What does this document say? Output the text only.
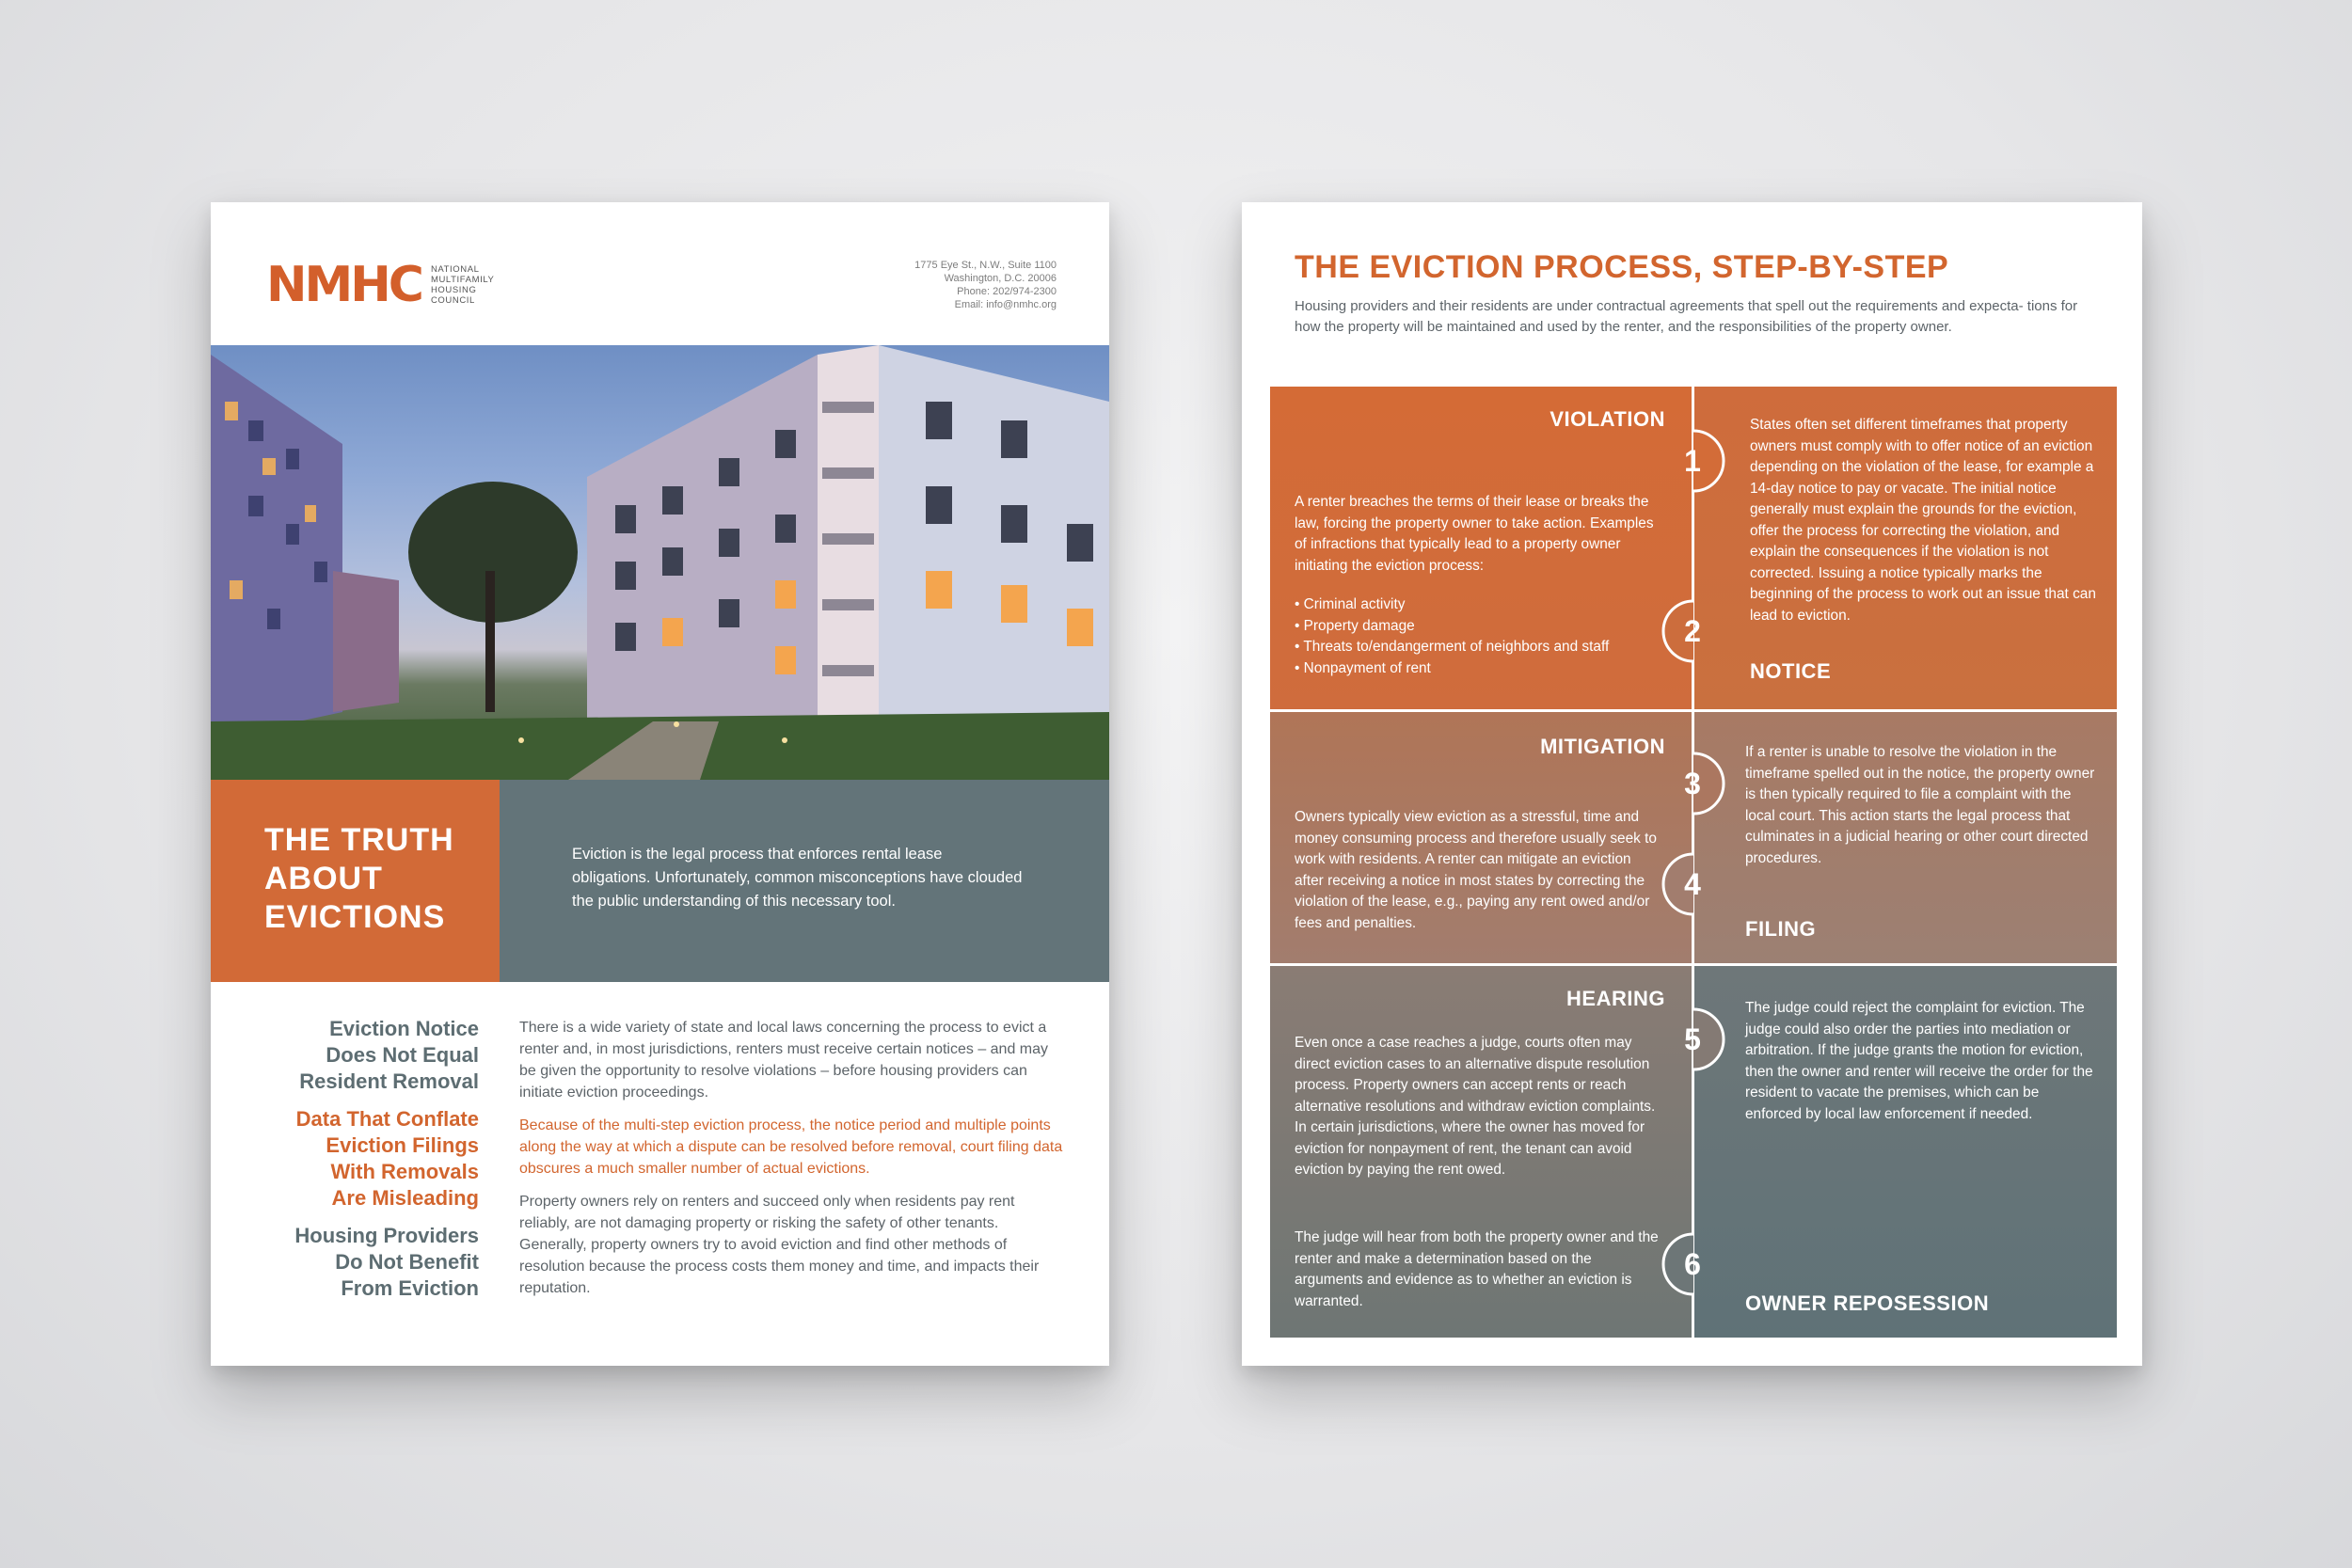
NMHC NATIONAL
MULTIFAMILY
HOUSING
COUNCIL
1775 Eye St., N.W., Suite 1100
Washington, D.C. 20006
Phone: 202/974-2300
Email: info@nmhc.org
THE TRUTH
ABOUT
EVICTIONS

Eviction is the legal process that enforces rental lease obligations. Unfortunately, common misconceptions have clouded the public understanding of this necessary tool.

Eviction Notice
Does Not Equal
Resident Removal
Data That Conflate
Eviction Filings
With Removals
Are Misleading
Housing Providers
Do Not Benefit
From Eviction

There is a wide variety of state and local laws concerning the process to evict a renter and, in most jurisdictions, renters must receive certain notices – and may be given the opportunity to resolve violations – before housing providers can initiate eviction proceedings.

Because of the multi-step eviction process, the notice period and multiple points along the way at which a dispute can be resolved before removal, court filing data obscures a much smaller number of actual evictions.

Property owners rely on renters and succeed only when residents pay rent reliably, are not damaging property or risking the safety of other tenants. Generally, property owners try to avoid eviction and find other methods of resolution because the process costs them money and time, and impacts their reputation.

THE EVICTION PROCESS, STEP-BY-STEP
Housing providers and their residents are under contractual agreements that spell out the requirements and expecta- tions for how the property will be maintained and used by the renter, and the responsibilities of the property owner.
VIOLATION
A renter breaches the terms of their lease or breaks the law, forcing the property owner to take action. Examples of infractions that typically lead to a property owner initiating the eviction process:
• Criminal activity
• Property damage
• Threats to/endangerment of neighbors and staff
• Nonpayment of rent
States often set different timeframes that property owners must comply with to offer notice of an eviction depending on the violation of the lease, for example a 14-day notice to pay or vacate. The initial notice generally must explain the grounds for the eviction, offer the process for correcting the violation, and explain the consequences if the violation is not corrected. Issuing a notice typically marks the beginning of the process to work out an issue that can lead to eviction.
NOTICE
MITIGATION
Owners typically view eviction as a stressful, time and money consuming process and therefore usually seek to work with residents. A renter can mitigate an eviction after receiving a notice in most states by correcting the violation of the lease, e.g., paying any rent owed and/or fees and penalties.
If a renter is unable to resolve the violation in the timeframe spelled out in the notice, the property owner is then typically required to file a complaint with the local court. This action starts the legal process that culminates in a judicial hearing or other court directed procedures.
FILING
HEARING
Even once a case reaches a judge, courts often may direct eviction cases to an alternative dispute resolution process. Property owners can accept rents or reach alternative resolutions and withdraw eviction complaints. In certain jurisdictions, where the owner has moved for eviction for nonpayment of rent, the tenant can avoid eviction by paying the rent owed.
The judge will hear from both the property owner and the renter and make a determination based on the arguments and evidence as to whether an eviction is warranted.
The judge could reject the complaint for eviction. The judge could also order the parties into mediation or arbitration. If the judge grants the motion for eviction, then the owner and renter will receive the order for the resident to vacate the premises, which can be enforced by local law enforcement if needed.
OWNER REPOSESSION
1
2
3
4
5
6
